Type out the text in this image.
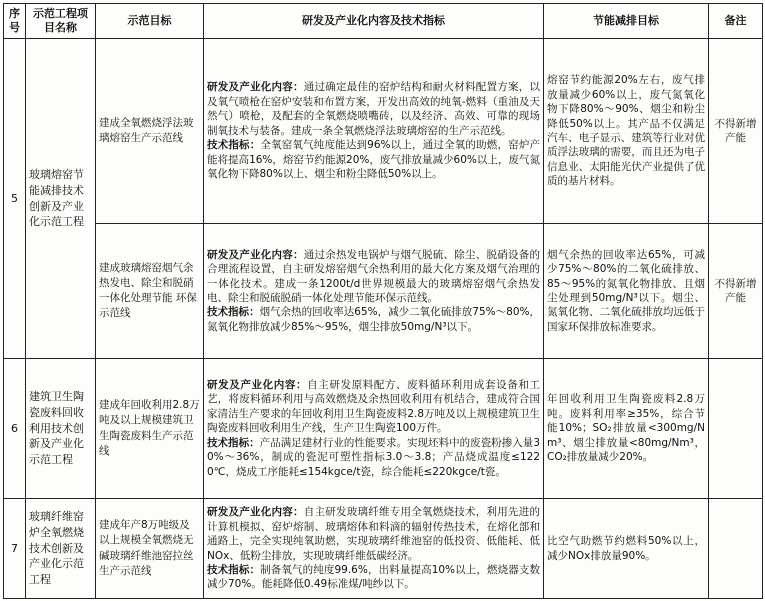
序号	示范工程项目名称	示范目标	研发及产业化内容及技术指标	节能减排目标	备注
5	玻璃熔窑节能减排技术创新及产业化示范工程	建成全氧燃烧浮法玻璃熔窑生产示范线	研发及产业化内容：通过确定最佳的窑炉结构和耐火材料配置方案，以及氧气喷枪在窑炉安装和布置方案，开发出高效的纯氧-燃料（重油及天然气）喷枪，及配套的全氧燃烧喷嘴砖，以及经济、高效、可靠的现场制氧技术与装备。建成一条全氧燃烧浮法玻璃熔窑的生产示范线。
技术指标：全氧窑氧气纯度能达到96%以上，通过全氧的助燃，窑炉产能将提高16%，熔窑节约能源20%，废气排放量减少60%以上，废气氮氧化物下降80%以上、烟尘和粉尘降低50%以上。	熔窑节约能源20%左右，废气排放量减少60%以上，废气氮氧化物下降80%～90%、烟尘和粉尘降低50%以上。其产品不仅满足汽车、电子显示、建筑等行业对优质浮法玻璃的需要，而且还为电子信息业、太阳能光伏产业提供了优质的基片材料。	不得新增产能
		建成玻璃熔窑烟气余热发电、除尘和脱硝一体化处理节能 环保示范线	研发及产业化内容：通过余热发电锅炉与烟气脱硫、除尘、脱硝设备的合理流程设置，自主研发熔窑烟气余热利用的最大化方案及烟气治理的一体化技术。建成一条1200t/d世界规模最大的玻璃熔窑烟气余热发电、除尘和脱硫脱硝一体化处理节能环保示范线。
技术指标：烟气余热的回收率达65%，减少二氧化硫排放75%～80%，氮氧化物排放减少85%～95%，烟尘排放50mg/N³以下。	烟气余热的回收率达65%，可减少75%～80%的二氧化硫排放、85～95%的氮氧化物排放、且烟尘处理到50mg/N³以下。烟尘、氮氧化物、二氧化硫排放均远低于国家环保排放标准要求。	不得新增产能
6	建筑卫生陶瓷废料回收利用技术创新及产业化示范工程	建成年回收利用2.8万吨及以上规模建筑卫生陶瓷废料生产示范线	研发及产业化内容：自主研发原料配方、废料循环利用成套设备和工艺，将废料循环利用与高效燃烧及余热回收利用有机结合，建成符合国家清洁生产要求的年回收利用卫生陶瓷废料2.8万吨及以上规模建筑卫生陶瓷废料回收利用生产线，生产卫生陶瓷100万件。
技术指标：产品满足建材行业的性能要求。实现坯料中的废瓷粉掺入量30%～36%，制成的瓷泥可塑性指标3.0～3.8；产品烧成温度≤1220℃，烧成工序能耗≤154kgce/t瓷，综合能耗≤220kgce/t瓷。	年回收利用卫生陶瓷废料2.8万吨。废料利用率≥35%，综合节能10%；SO₂排放量<300mg/Nm³、烟尘排放量<80mg/Nm³，CO₂排放量减少20%。	
7	玻璃纤维窑炉全氧燃烧技术创新及产业化示范工程	建成年产8万吨级及以上规模全氧燃烧无碱玻璃纤维池窑拉丝生产示范线	研发及产业化内容：自主研发玻璃纤维专用全氧燃烧技术，利用先进的计算机模拟、窑炉熔制、玻璃熔体和料滴的辐射传热技术，在熔化部和通路上，完全实现纯氧助燃，实现玻璃纤维池窑的低投资、低能耗、低NOx、低粉尘排放，实现玻璃纤维低碳经济。
技术指标：制备氧气的纯度99.6%，出料量提高10%以上，燃烧器支数减少70%。能耗降低0.49标准煤/吨纱以下。	比空气助燃节约燃料50%以上，减少NOx排放量90%。	
